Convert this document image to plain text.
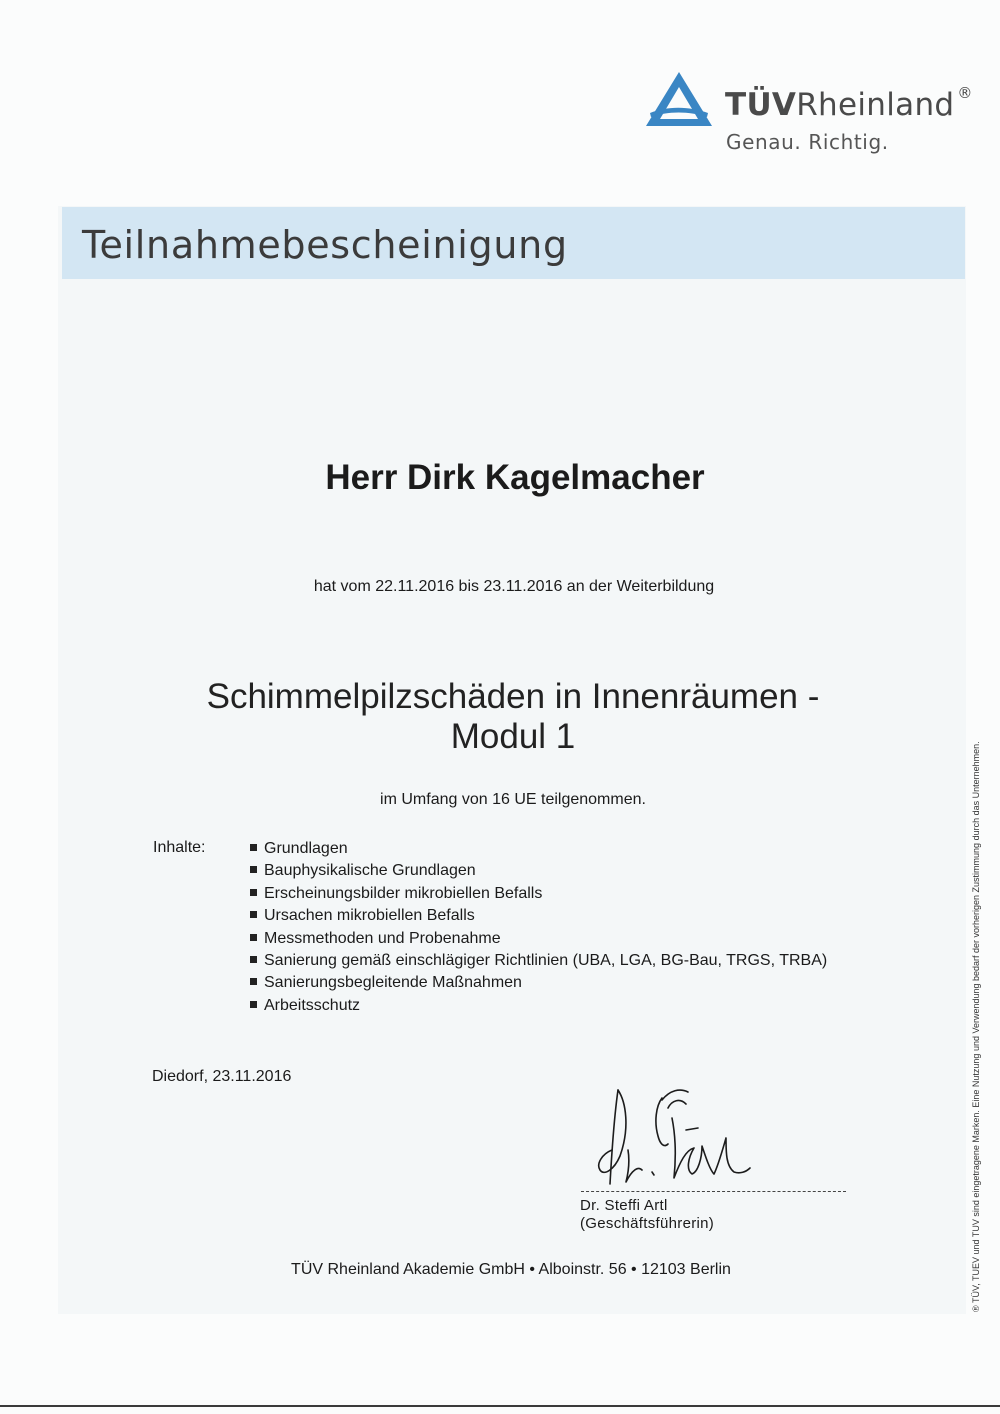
TÜVRheinland ®
Genau. Richtig.
Teilnahmebescheinigung
Herr Dirk Kagelmacher
hat vom 22.11.2016 bis 23.11.2016 an der Weiterbildung
Schimmelpilzschäden in Innenräumen -
Modul 1
im Umfang von 16 UE teilgenommen.
Inhalte:	Grundlagen
Bauphysikalische Grundlagen
Erscheinungsbilder mikrobiellen Befalls
Ursachen mikrobiellen Befalls
Messmethoden und Probenahme
Sanierung gemäß einschlägiger Richtlinien (UBA, LGA, BG-Bau, TRGS, TRBA)
Sanierungsbegleitende Maßnahmen
Arbeitsschutz
Diedorf, 23.11.2016
Dr. Steffi Artl
(Geschäftsführerin)
TÜV Rheinland Akademie GmbH • Alboinstr. 56 • 12103 Berlin	® TÜV, TUEV und TUV sind eingetragene Marken. Eine Nutzung und Verwendung bedarf der vorherigen Zustimmung durch das Unternehmen.
